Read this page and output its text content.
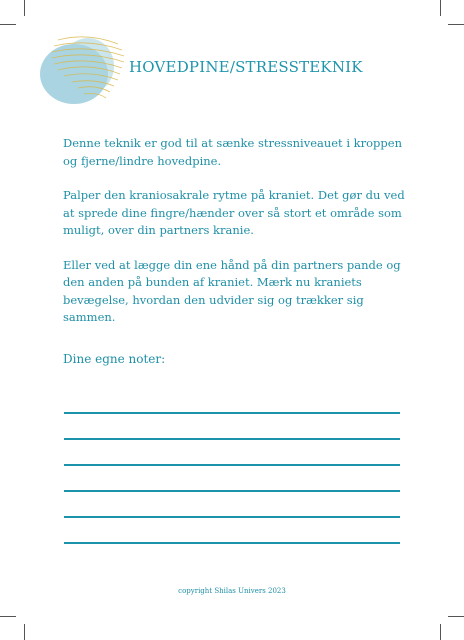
HOVEDPINE/STRESSTEKNIK

Denne teknik er god til at sænke stressniveauet i kroppen og fjerne/lindre hovedpine.

Palper den kraniosakrale rytme på kraniet. Det gør du ved at sprede dine fingre/hænder over så stort et område som muligt, over din partners kranie.

Eller ved at lægge din ene hånd på din partners pande og den anden på bunden af kraniet. Mærk nu kraniets bevægelse, hvordan den udvider sig og trækker sig sammen.

Dine egne noter:
copyright Shilas Univers 2023
